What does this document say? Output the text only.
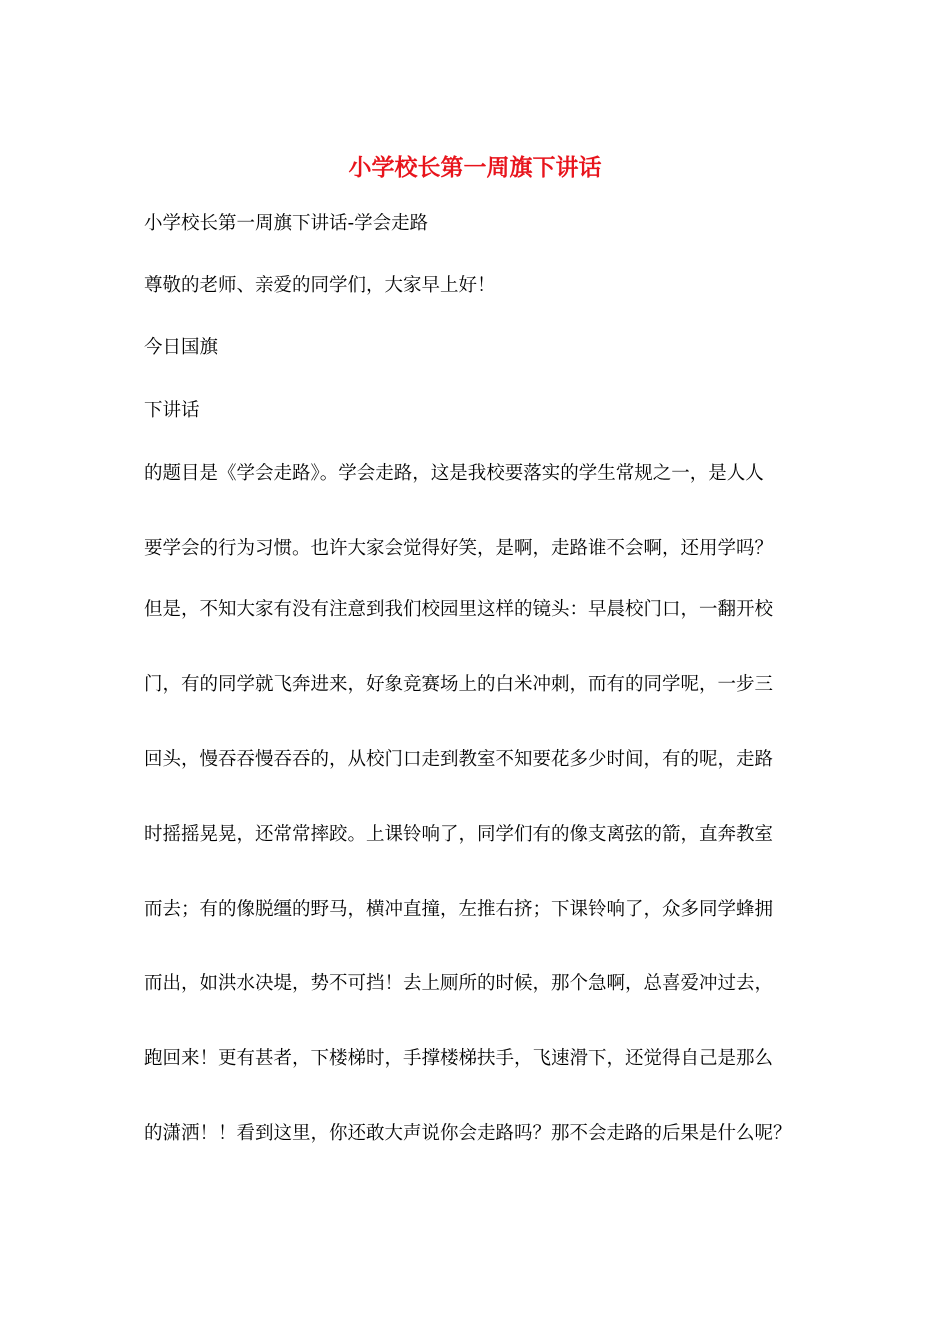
小学校长第一周旗下讲话

小学校长第一周旗下讲话-学会走路

尊敬的老师、亲爱的同学们，大家早上好！

今日国旗

下讲话

的题目是《学会走路》。学会走路，这是我校要落实的学生常规之一，是人人

要学会的行为习惯。也许大家会觉得好笑，是啊，走路谁不会啊，还用学吗？

但是，不知大家有没有注意到我们校园里这样的镜头：早晨校门口，一翻开校

门，有的同学就飞奔进来，好象竞赛场上的白米冲刺，而有的同学呢，一步三

回头，慢吞吞慢吞吞的，从校门口走到教室不知要花多少时间，有的呢，走路

时摇摇晃晃，还常常摔跤。上课铃响了，同学们有的像支离弦的箭，直奔教室

而去；有的像脱缰的野马，横冲直撞，左推右挤；下课铃响了，众多同学蜂拥

而出，如洪水决堤，势不可挡！去上厕所的时候，那个急啊，总喜爱冲过去，

跑回来！更有甚者，下楼梯时，手撑楼梯扶手，飞速滑下，还觉得自己是那么

的潇洒！！看到这里，你还敢大声说你会走路吗？那不会走路的后果是什么呢？
